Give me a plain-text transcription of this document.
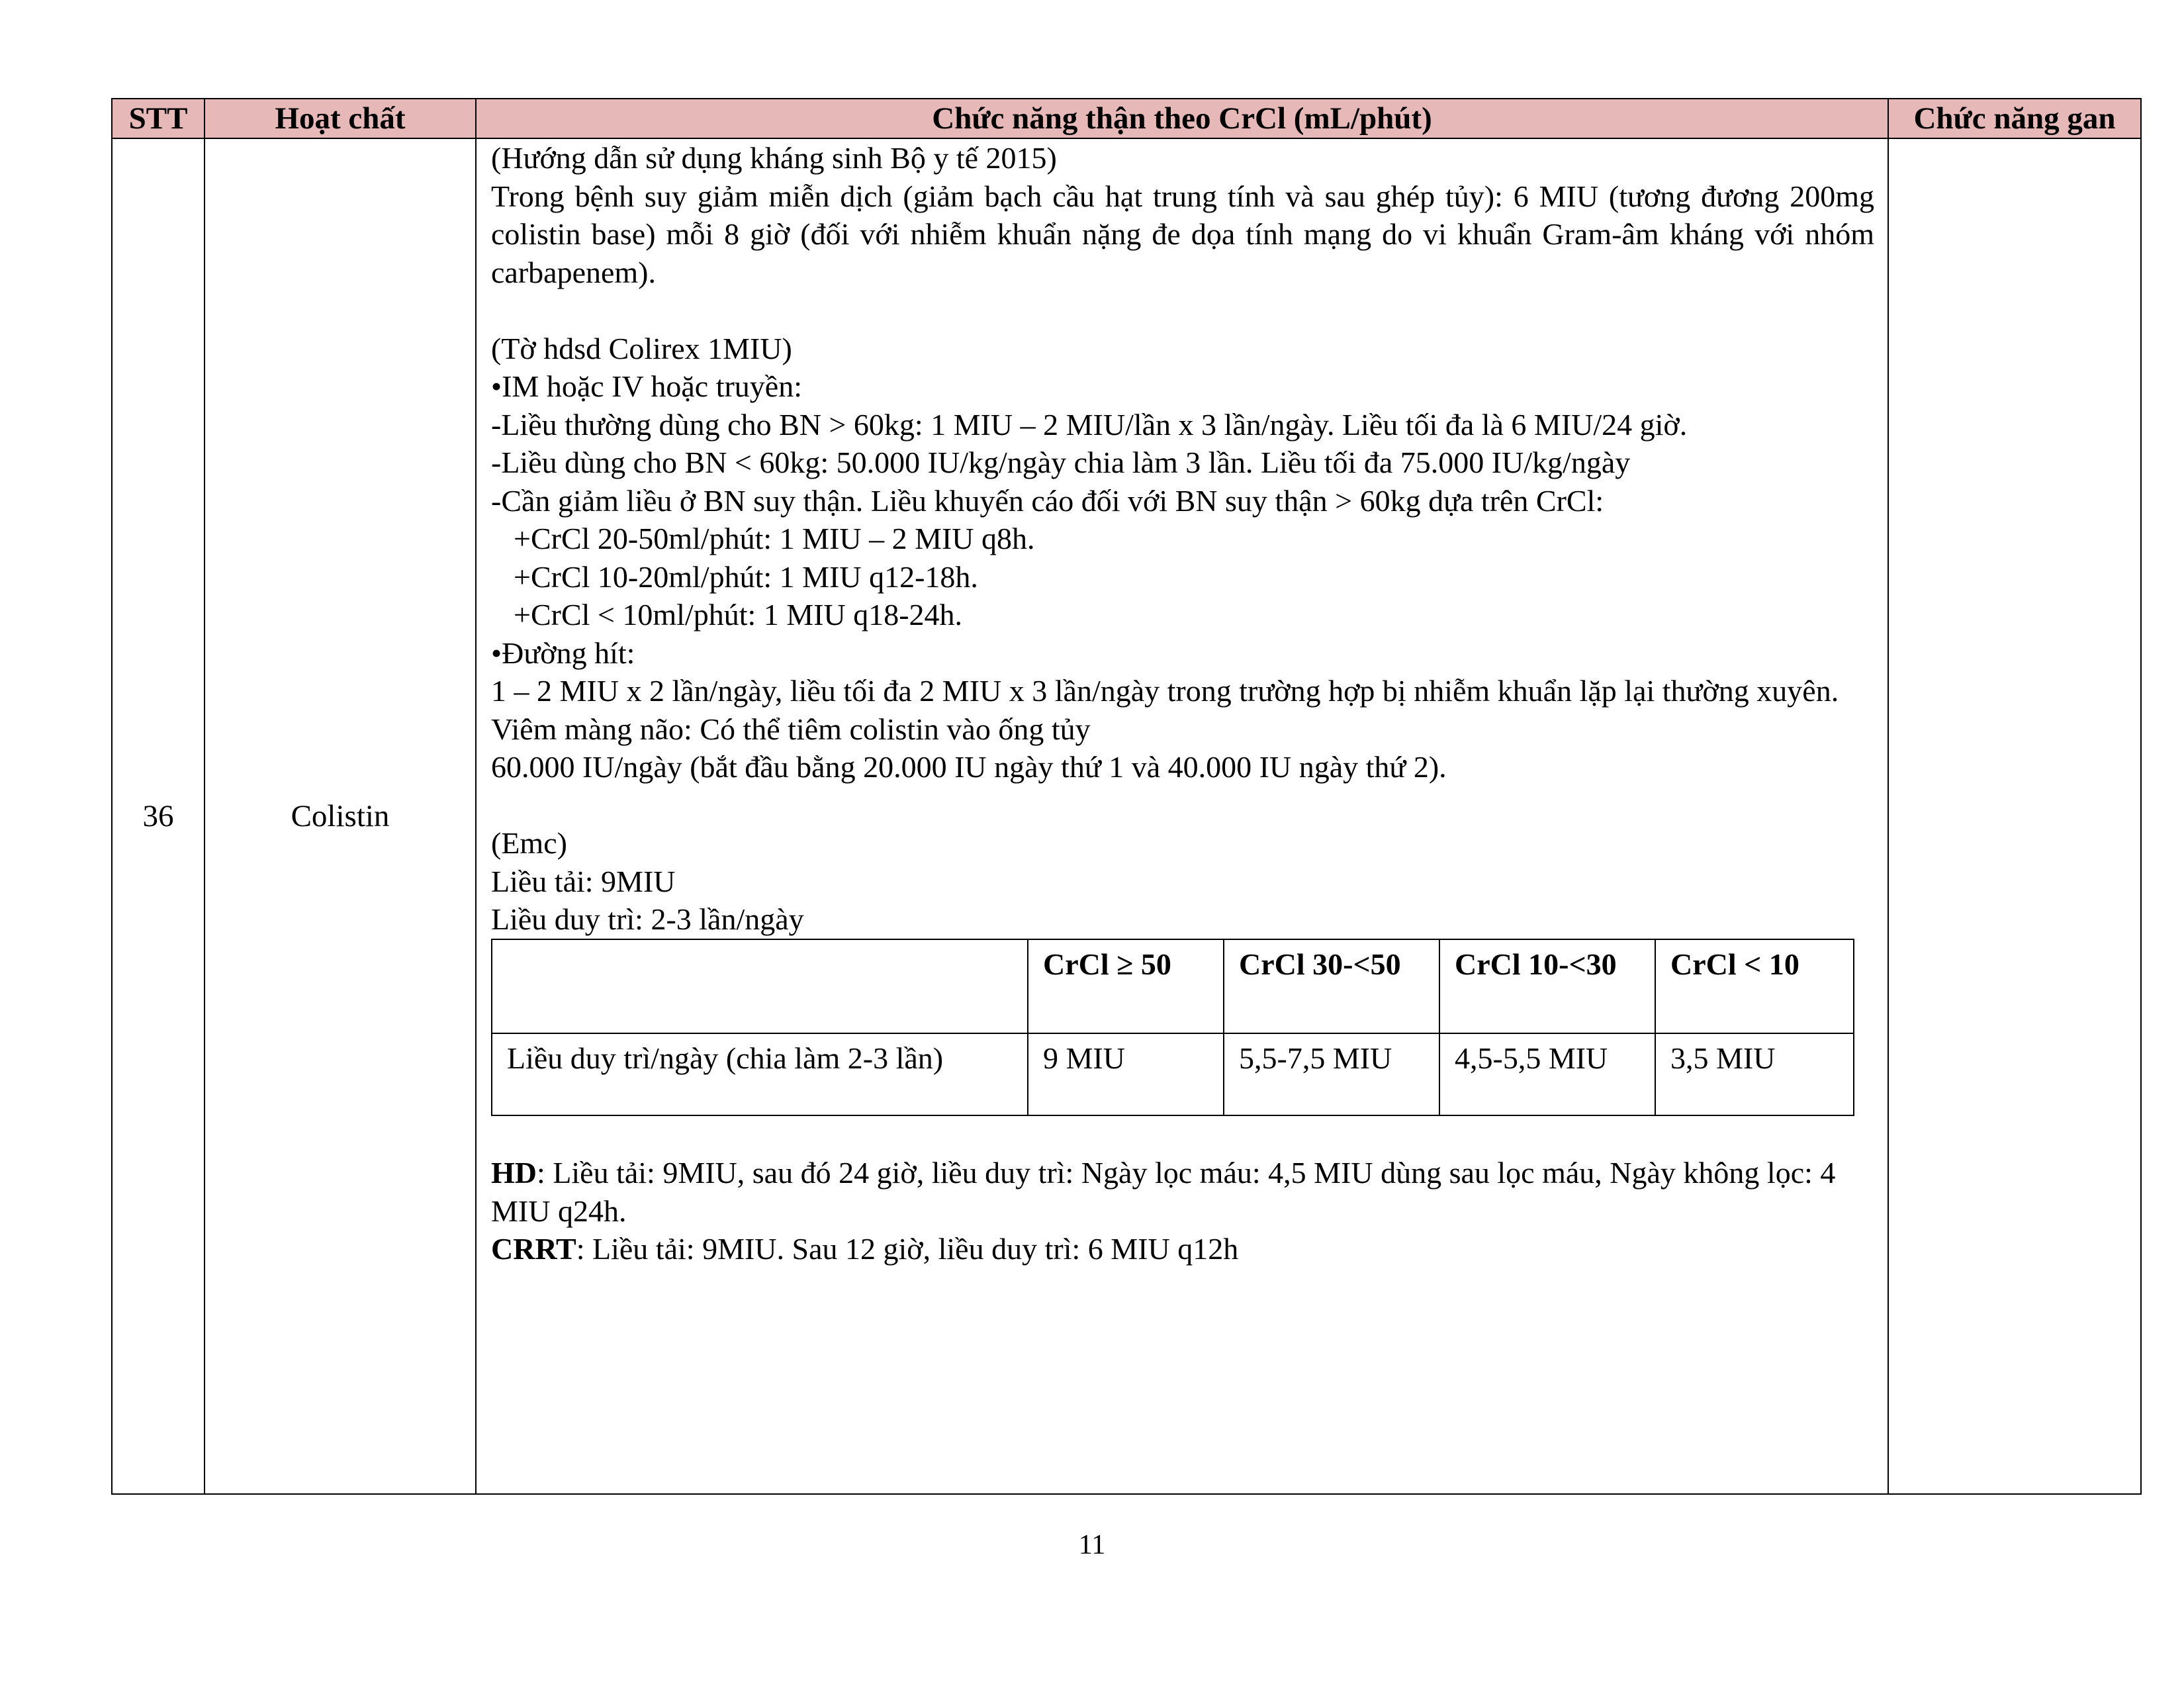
STT	Hoạt chất	Chức năng thận theo CrCl (mL/phút)	Chức năng gan
36	Colistin	

(Hướng dẫn sử dụng kháng sinh Bộ y tế 2015)

Trong bệnh suy giảm miễn dịch (giảm bạch cầu hạt trung tính và sau ghép tủy): 6 MIU (tương đương 200mg colistin base) mỗi 8 giờ (đối với nhiễm khuẩn nặng đe dọa tính mạng do vi khuẩn Gram-âm kháng với nhóm carbapenem).

(Tờ hdsd Colirex 1MIU)

• IM hoặc IV hoặc truyền:

-Liều thường dùng cho BN > 60kg: 1 MIU – 2 MIU/lần x 3 lần/ngày. Liều tối đa là 6 MIU/24 giờ.

-Liều dùng cho BN < 60kg: 50.000 IU/kg/ngày chia làm 3 lần. Liều tối đa 75.000 IU/kg/ngày

-Cần giảm liều ở BN suy thận. Liều khuyến cáo đối với BN suy thận > 60kg dựa trên CrCl:

+CrCl 20-50ml/phút: 1 MIU – 2 MIU q8h.

+CrCl 10-20ml/phút: 1 MIU q12-18h.

+CrCl < 10ml/phút: 1 MIU q18-24h.

• Đường hít:

1 – 2 MIU x 2 lần/ngày, liều tối đa 2 MIU x 3 lần/ngày trong trường hợp bị nhiễm khuẩn lặp lại thường xuyên.

Viêm màng não: Có thể tiêm colistin vào ống tủy

60.000 IU/ngày (bắt đầu bằng 20.000 IU ngày thứ 1 và 40.000 IU ngày thứ 2).

(Emc)

Liều tải: 9MIU

Liều duy trì: 2-3 lần/ngày

	CrCl ≥ 50	CrCl 30-<50	CrCl 10-<30	CrCl < 10
Liều duy trì/ngày (chia làm 2-3 lần)	9 MIU	5,5-7,5 MIU	4,5-5,5 MIU	3,5 MIU

HD: Liều tải: 9MIU, sau đó 24 giờ, liều duy trì: Ngày lọc máu: 4,5 MIU dùng sau lọc máu, Ngày không lọc: 4 MIU q24h.

CRRT: Liều tải: 9MIU. Sau 12 giờ, liều duy trì: 6 MIU q12h

11
